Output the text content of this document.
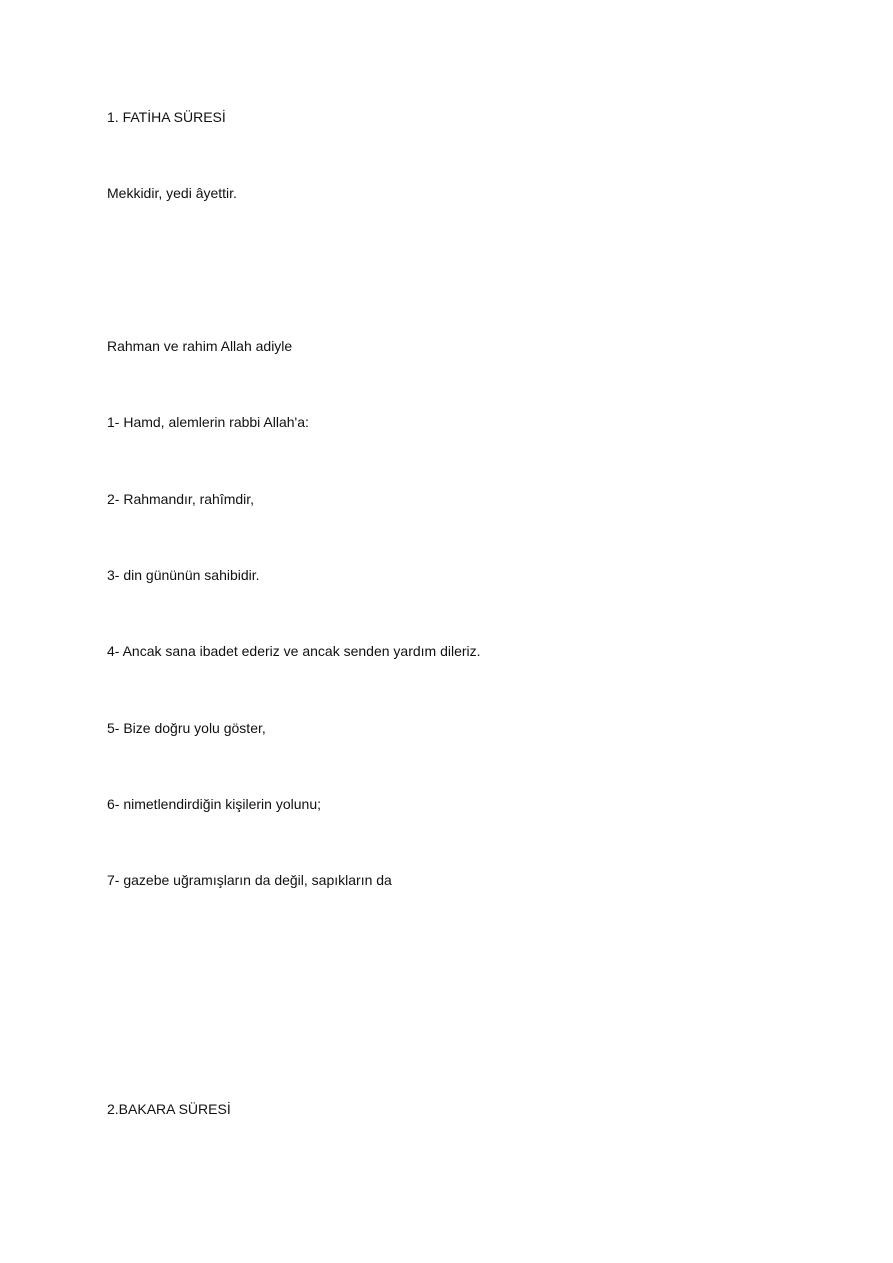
1. FATİHA SÜRESİ
Mekkidir, yedi âyettir.
Rahman ve rahim Allah adiyle
1- Hamd, alemlerin rabbi Allah'a:
2- Rahmandır, rahîmdir,
3- din gününün sahibidir.
4- Ancak sana ibadet ederiz ve ancak senden yardım dileriz.
5- Bize doğru yolu göster,
6- nimetlendirdiğin kişilerin yolunu;
7- gazebe uğramışların da değil, sapıkların da
2.BAKARA SÜRESİ
